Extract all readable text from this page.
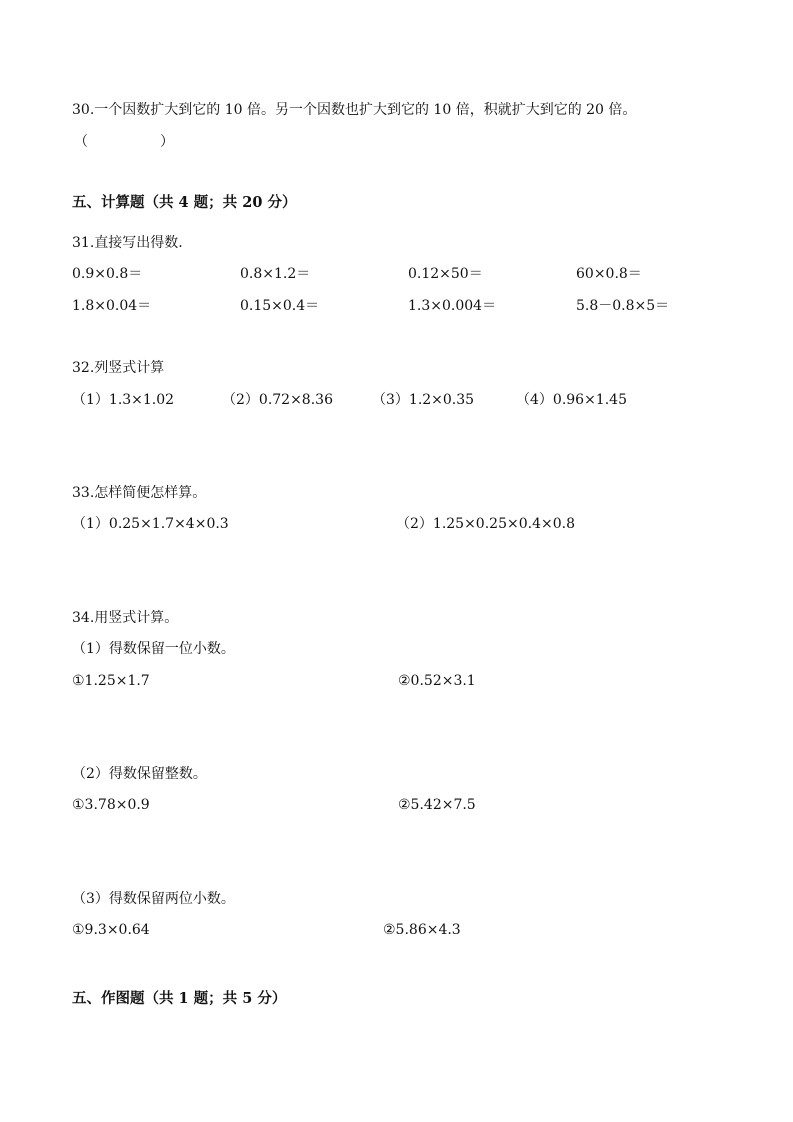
30.一个因数扩大到它的 10 倍。另一个因数也扩大到它的 10 倍，积就扩大到它的 20 倍。
（	）
五、计算题（共 4 题；共 20 分）
31.直接写出得数.
0.9×0.8＝	0.8×1.2＝	0.12×50＝	60×0.8＝
1.8×0.04＝	0.15×0.4＝	1.3×0.004＝	5.8－0.8×5＝
32.列竖式计算
（1）1.3×1.02	（2）0.72×8.36	（3）1.2×0.35	（4）0.96×1.45
33.怎样简便怎样算。
（1）0.25×1.7×4×0.3	（2）1.25×0.25×0.4×0.8
34.用竖式计算。
（1）得数保留一位小数。
①1.25×1.7	②0.52×3.1
（2）得数保留整数。
①3.78×0.9	②5.42×7.5
（3）得数保留两位小数。
①9.3×0.64	②5.86×4.3
五、作图题（共 1 题；共 5 分）
